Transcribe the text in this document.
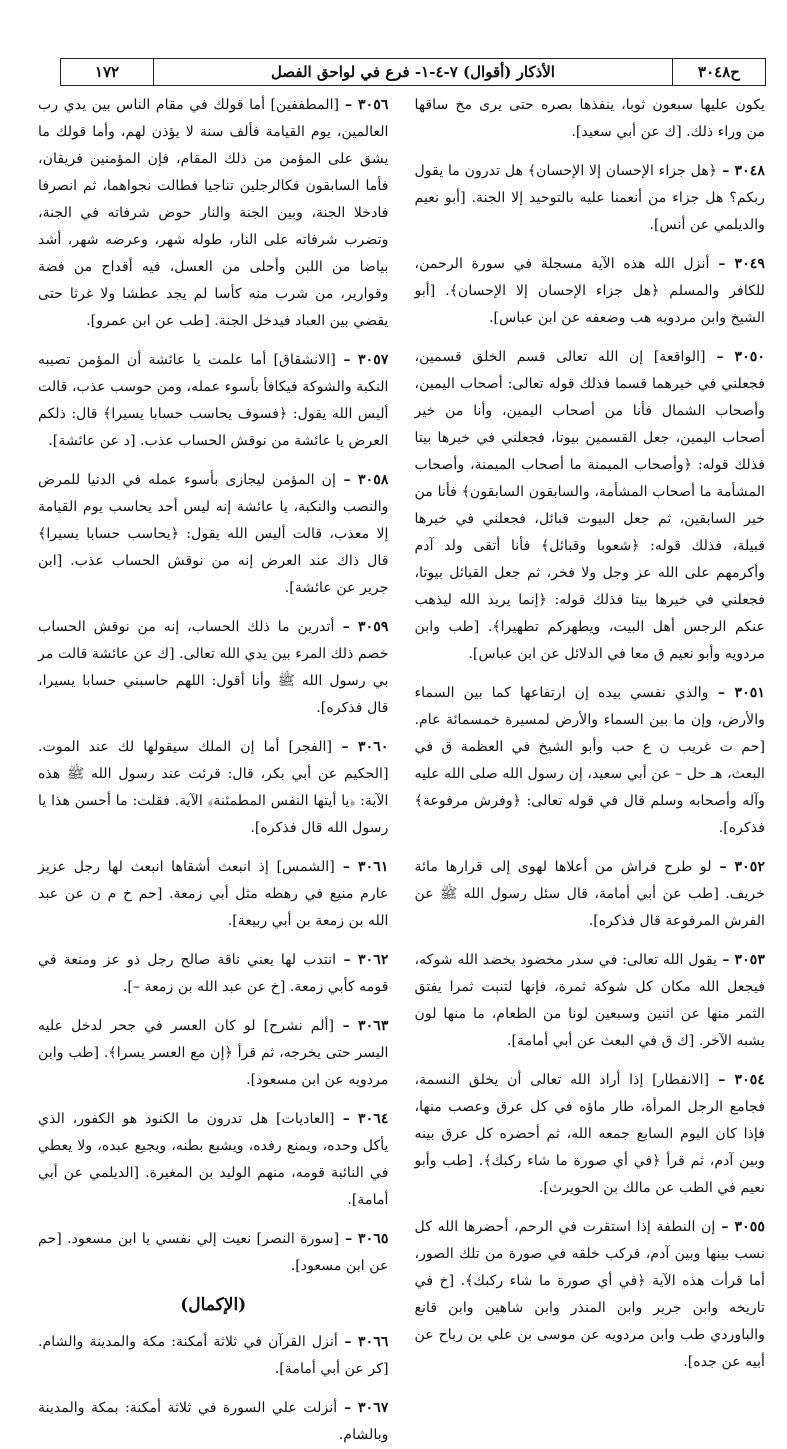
ح٣٠٤٨
الأذكار (أقوال) ٧-٤-١- فرع في لواحق الفصل
١٧٢

يكون عليها سبعون ثوبا، ينفذها بصره حتى يرى مخ ساقها من وراء ذلك. [ك عن أبي سعيد].

٣٠٤٨ – ﴿هل جزاء الإحسان إلا الإحسان﴾ هل تدرون ما يقول ربكم؟ هل جزاء من أنعمنا عليه بالتوحيد إلا الجنة. [أبو نعيم والديلمي عن أنس].

٣٠٤٩ – أنزل الله هذه الآية مسجلة في سورة الرحمن، للكافر والمسلم ﴿هل جزاء الإحسان إلا الإحسان﴾. [أبو الشيخ وابن مردويه هب وضعفه عن ابن عباس].

٣٠٥٠ – [الواقعة] إن الله تعالى قسم الخلق قسمين، فجعلني في خيرهما قسما فذلك قوله تعالى: أصحاب اليمين، وأصحاب الشمال فأنا من أصحاب اليمين، وأنا من خير أصحاب اليمين، جعل القسمين بيوتا، فجعلني في خيرها بيتا فذلك قوله: ﴿وأصحاب الميمنة ما أصحاب الميمنة، وأصحاب المشأمة ما أصحاب المشأمة، والسابقون السابقون﴾ فأنا من خير السابقين، ثم جعل البيوت قبائل، فجعلني في خيرها قبيلة، فذلك قوله: ﴿شعوبا وقبائل﴾ فأنا أتقى ولد آدم وأكرمهم على الله عز وجل ولا فخر، ثم جعل القبائل بيوتا، فجعلني في خيرها بيتا فذلك قوله: ﴿إنما يريد الله ليذهب عنكم الرجس أهل البيت، ويطهركم تطهيرا﴾. [طب وابن مردويه وأبو نعيم ق معا في الدلائل عن ابن عباس].

٣٠٥١ – والذي نفسي بيده إن ارتفاعها كما بين السماء والأرض، وإن ما بين السماء والأرض لمسيرة خمسمائة عام. [حم ت غريب ن ع حب وأبو الشيخ في العظمة ق في البعث، هـ حل – عن أبي سعيد، إن رسول الله صلى الله عليه وآله وأصحابه وسلم قال في قوله تعالى: ﴿وفرش مرفوعة﴾ فذكره].

٣٠٥٢ – لو طرح فراش من أعلاها لهوى إلى قرارها مائة خريف. [طب عن أبي أمامة، قال سئل رسول الله ﷺ عن الفرش المرفوعة قال فذكره].

٣٠٥٣ – يقول الله تعالى: في سدر مخضود يخضد الله شوكه، فيجعل الله مكان كل شوكة ثمرة، فإنها لتنبت ثمرا يفتق الثمر منها عن اثنين وسبعين لونا من الطعام، ما منها لون يشبه الآخر. [ك ق في البعث عن أبي أمامة].

٣٠٥٤ – [الانفطار] إذا أراد الله تعالى أن يخلق النسمة، فجامع الرجل المرأة، طار ماؤه في كل عرق وعصب منها، فإذا كان اليوم السابع جمعه الله، ثم أحضره كل عرق بينه وبين آدم، ثم قرأ ﴿في أي صورة ما شاء ركبك﴾. [طب وأبو نعيم في الطب عن مالك بن الحويرث].

٣٠٥٥ – إن النطفة إذا استقرت في الرحم، أحضرها الله كل نسب بينها وبين آدم، فركب خلقه في صورة من تلك الصور، أما قرأت هذه الآية ﴿في أي صورة ما شاء ركبك﴾. [خ في تاريخه وابن جرير وابن المنذر وابن شاهين وابن قانع والباوردي طب وابن مردويه عن موسى بن علي بن رباح عن أبيه عن جده].

٣٠٥٦ – [المطففين] أما قولك في مقام الناس بين يدي رب العالمين، يوم القيامة فألف سنة لا يؤذن لهم، وأما قولك ما يشق على المؤمن من ذلك المقام، فإن المؤمنين فريقان، فأما السابقون فكالرجلين تناجيا فطالت نجواهما، ثم انصرفا فادخلا الجنة، وبين الجنة والنار حوض شرفاته في الجنة، وتضرب شرفاته على النار، طوله شهر، وعرضه شهر، أشد بياضا من اللبن وأحلى من العسل، فيه أقداح من فضة وقوارير، من شرب منه كأسا لم يجد عطشا ولا غرثا حتى يقضي بين العباد فيدخل الجنة. [طب عن ابن عمرو].

٣٠٥٧ – [الانشقاق] أما علمت يا عائشة أن المؤمن تصيبه النكبة والشوكة فيكافأ بأسوء عمله، ومن حوسب عذب، قالت أليس الله يقول: ﴿فسوف يحاسب حسابا يسيرا﴾ قال: ذلكم العرض يا عائشة من نوقش الحساب عذب. [د عن عائشة].

٣٠٥٨ – إن المؤمن ليجازى بأسوء عمله في الدنيا للمرض والنصب والنكبة، يا عائشة إنه ليس أحد يحاسب يوم القيامة إلا معذب، قالت أليس الله يقول: ﴿يحاسب حسابا يسيرا﴾ قال ذاك عند العرض إنه من نوقش الحساب عذب. [ابن جرير عن عائشة].

٣٠٥٩ – أتدرين ما ذلك الحساب، إنه من نوقش الحساب خصم ذلك المرء بين يدي الله تعالى. [ك عن عائشة قالت مر بي رسول الله ﷺ وأنا أقول: اللهم حاسبني حسابا يسيرا، قال فذكره].

٣٠٦٠ – [الفجر] أما إن الملك سيقولها لك عند الموت. [الحكيم عن أبي بكر، قال: قرئت عند رسول الله ﷺ هذه الآية: ﴿يا أيتها النفس المطمئنة﴾ الآية. فقلت: ما أحسن هذا يا رسول الله قال فذكره].

٣٠٦١ – [الشمس] إذ انبعث أشقاها انبعث لها رجل عزيز عارم منيع في رهطه مثل أبي زمعة. [حم خ م ن عن عبد الله بن زمعة بن أبي ربيعة].

٣٠٦٢ – انتدب لها يعني ناقة صالح رجل ذو عز ومنعة في قومه كأبي زمعة. [خ عن عبد الله بن زمعة –].

٣٠٦٣ – [ألم نشرح] لو كان العسر في جحر لدخل عليه اليسر حتى يخرجه، ثم قرأ ﴿إن مع العسر يسرا﴾. [طب وابن مردويه عن ابن مسعود].

٣٠٦٤ – [العاديات] هل تدرون ما الكنود هو الكفور، الذي يأكل وحده، ويمنع رفده، ويشبع بطنه، ويجيع عبده، ولا يعطي في النائبة قومه، منهم الوليد بن المغيرة. [الديلمي عن أبي أمامة].

٣٠٦٥ – [سورة النصر] نعيت إلي نفسي يا ابن مسعود. [حم عن ابن مسعود].

(الإكمال)

٣٠٦٦ – أنزل القرآن في ثلاثة أمكنة: مكة والمدينة والشام. [كر عن أبي أمامة].

٣٠٦٧ – أنزلت علي السورة في ثلاثة أمكنة: بمكة والمدينة وبالشام.
